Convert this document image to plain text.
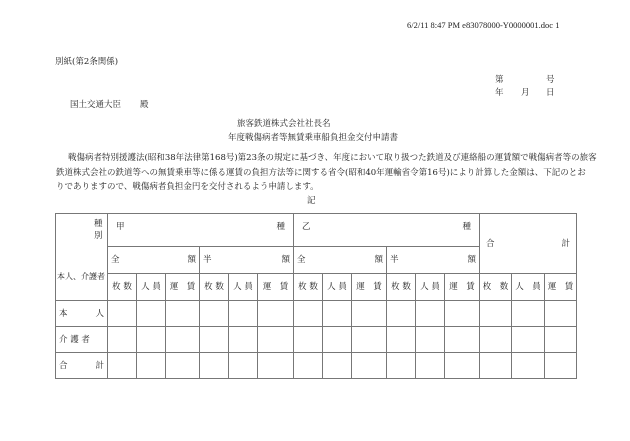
6/2/11 8:47 PM e83078000-Y0000001.doc 1
別紙(第2条関係)
第	号
年 月 日
国土交通大臣 殿
旅客鉄道株式会社社長名
年度戦傷病者等無賃乗車船負担金交付申請書
戦傷病者特別援護法(昭和38年法律第168号)第23条の規定に基づき、年度において取り扱つた鉄道及び連絡船の運賃額で戦傷病者等の旅客
鉄道株式会社の鉄道等への無賃乗車等に係る運賃の負担方法等に関する省令(昭和40年運輸省令第16号)により計算した金額は、下記のとお
りでありますので、戦傷病者負担金円を交付されるよう申請します。
記
種　別
本人、介護者	甲 種						乙 種						合 計		

	全 額			半 額			全 額			半 額					

	枚 数	人 員	運　賃	枚 数	人 員	運　賃	枚 数	人 員	運　賃	枚 数	人 員	運　賃	枚　数	人　員	運　賃

本 人															

介 護 者															

合 計															
